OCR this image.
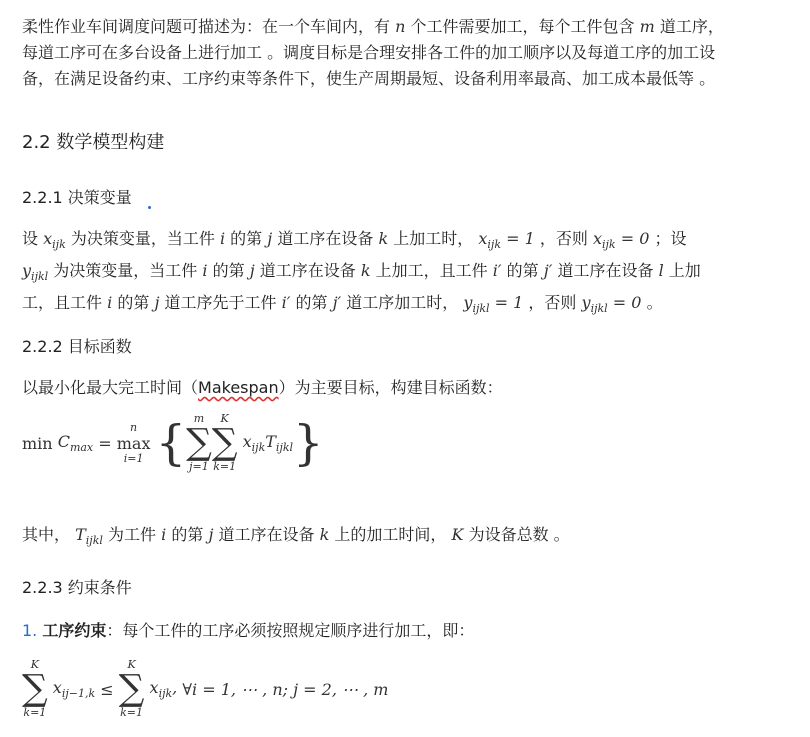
柔性作业车间调度问题可描述为：在一个车间内，有 n 个工件需要加工，每个工件包含 m 道工序，
每道工序可在多台设备上进行加工 。调度目标是合理安排各工件的加工顺序以及每道工序的加工设
备，在满足设备约束、工序约束等条件下，使生产周期最短、设备利用率最高、加工成本最低等 。

2.2 数学模型构建
2.2.1 决策变量

设 $x_{ijk}$ 为决策变量，当工件 i 的第 j 道工序在设备 k 上加工时， $x_{ijk} = 1$ ，否则 $x_{ijk} = 0$ ；设
$y_{ijkl}$ 为决策变量，当工件 i 的第 j 道工序在设备 k 上加工，且工件 i′ 的第 j′ 道工序在设备 l 上加
工，且工件 i 的第 j 道工序先于工件 i′ 的第 j′ 道工序加工时， $y_{ijkl} = 1$ ，否则 $y_{ijkl} = 0$ 。

2.2.2 目标函数

以最小化最大完工时间（Makespan）为主要目标，构建目标函数：

min
$C_{max}$
=

n
max
i=1
{ m
∑
j=1
K
∑
k=1

$x_{ijk}T_{ijkl}$ }

其中， $T_{ijkl}$ 为工件 i 的第 j 道工序在设备 k 上的加工时间， K 为设备总数 。

2.2.3 约束条件

1. 工序约束：每个工件的工序必须按照规定顺序进行加工，即：

K
∑
k=1

$x_{ij-1,k}$
≤

K
∑
k=1

$x_{ijk}$,
∀i = 1, ⋯ , n; j = 2, ⋯ , m
